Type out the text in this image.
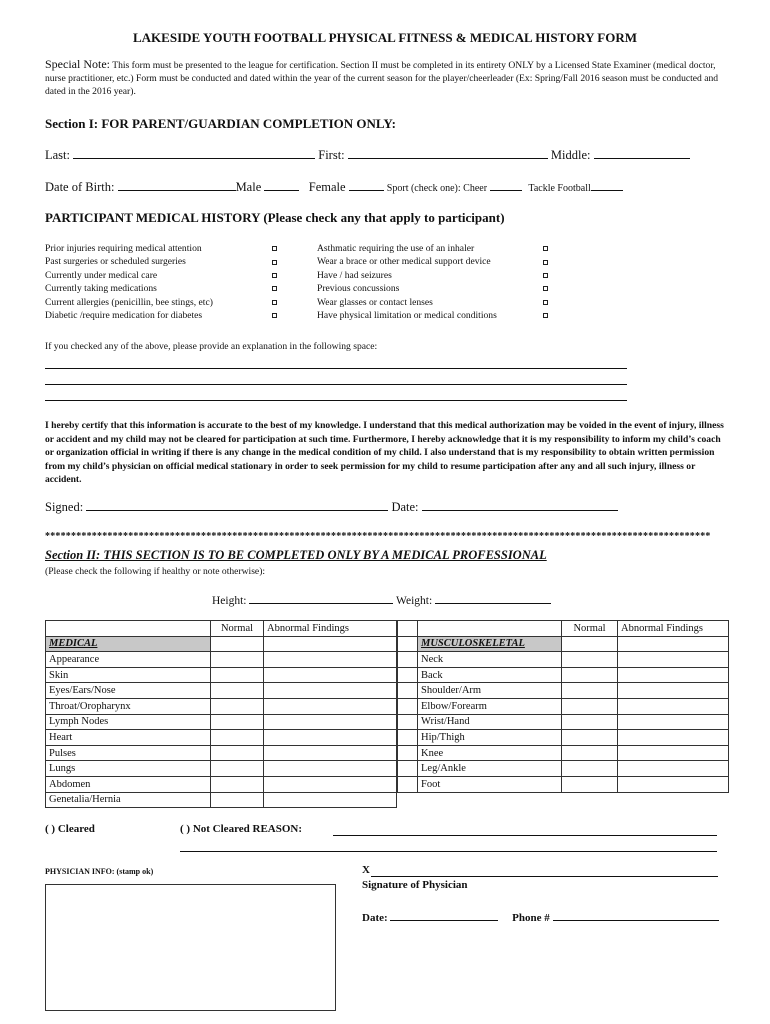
LAKESIDE YOUTH FOOTBALL PHYSICAL FITNESS & MEDICAL HISTORY FORM
Special Note: This form must be presented to the league for certification. Section II must be completed in its entirety ONLY by a Licensed State Examiner (medical doctor, nurse practitioner, etc.) Form must be conducted and dated within the year of the current season for the player/cheerleader (Ex: Spring/Fall 2016 season must be conducted and dated in the 2016 year).
Section I: FOR PARENT/GUARDIAN COMPLETION ONLY:
Last:	First:	Middle:
Date of Birth:	Male	Female	Sport (check one): Cheer	Tackle Football
PARTICIPANT MEDICAL HISTORY (Please check any that apply to participant)
Prior injuries requiring medical attention
Past surgeries or scheduled surgeries
Currently under medical care
Currently taking medications
Current allergies (penicillin, bee stings, etc)
Diabetic /require medication for diabetes
Asthmatic requiring the use of an inhaler
Wear a brace or other medical support device
Have / had seizures
Previous concussions
Wear glasses or contact lenses
Have physical limitation or medical conditions
If you checked any of the above, please provide an explanation in the following space:
I hereby certify that this information is accurate to the best of my knowledge. I understand that this medical authorization may be voided in the event of injury, illness or accident and my child may not be cleared for participation at such time. Furthermore, I hereby acknowledge that it is my responsibility to inform my child’s coach or organization official in writing if there is any change in the medical condition of my child. I also understand that is my responsibility to obtain written permission from my child’s physician on official medical stationary in order to seek permission for my child to resume participation after any and all such injury, illness or accident.
Signed:	Date:
********************************************************************************************************************************
Section II: THIS SECTION IS TO BE COMPLETED ONLY BY A MEDICAL PROFESSIONAL
(Please check the following if healthy or note otherwise):
Height:	Weight:
	Normal	Abnormal Findings
MEDICAL		
Appearance		
Skin		
Eyes/Ears/Nose		
Throat/Oropharynx		
Lymph Nodes		
Heart		
Pulses		
Lungs		
Abdomen		
Genetalia/Hernia		
		Normal	Abnormal Findings
	MUSCULOSKELETAL		
	Neck		
	Back		
	Shoulder/Arm		
	Elbow/Forearm		
	Wrist/Hand		
	Hip/Thigh		
	Knee		
	Leg/Ankle		
	Foot		
( ) Cleared	( ) Not Cleared REASON:
PHYSICIAN INFO: (stamp ok)	X
Signature of Physician
Date:	Phone #
